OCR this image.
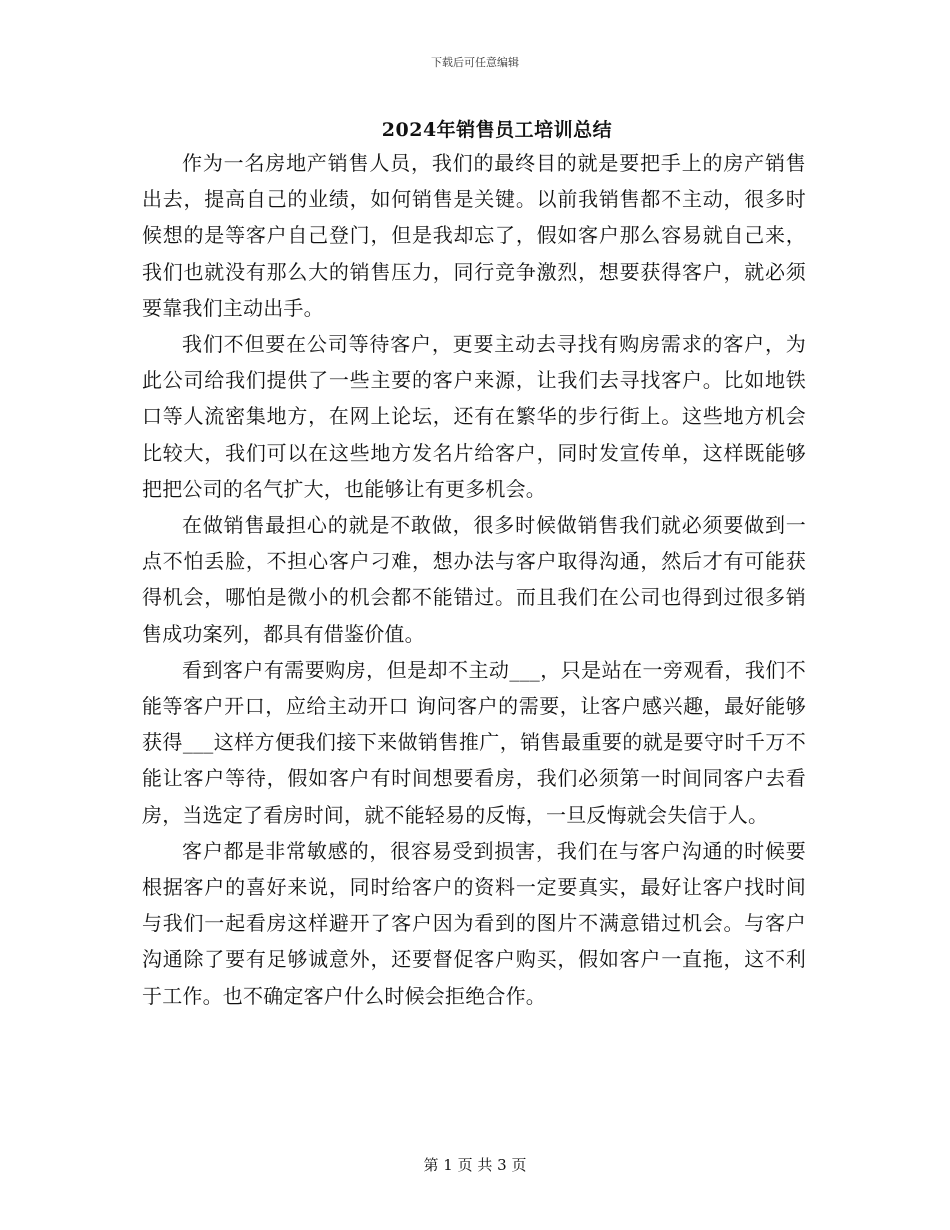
下载后可任意编辑
2024年销售员工培训总结

作为一名房地产销售人员，我们的最终目的就是要把手上的房产销售出去，提高自己的业绩，如何销售是关键。以前我销售都不主动，很多时候想的是等客户自己登门，但是我却忘了，假如客户那么容易就自己来，我们也就没有那么大的销售压力，同行竞争激烈，想要获得客户，就必须要靠我们主动出手。

我们不但要在公司等待客户，更要主动去寻找有购房需求的客户，为此公司给我们提供了一些主要的客户来源，让我们去寻找客户。比如地铁口等人流密集地方，在网上论坛，还有在繁华的步行街上。这些地方机会比较大，我们可以在这些地方发名片给客户，同时发宣传单，这样既能够把把公司的名气扩大，也能够让有更多机会。

在做销售最担心的就是不敢做，很多时候做销售我们就必须要做到一点不怕丢脸，不担心客户刁难，想办法与客户取得沟通，然后才有可能获得机会，哪怕是微小的机会都不能错过。而且我们在公司也得到过很多销售成功案列，都具有借鉴价值。

看到客户有需要购房，但是却不主动___，只是站在一旁观看，我们不能等客户开口，应给主动开口 询问客户的需要，让客户感兴趣，最好能够获得___这样方便我们接下来做销售推广，销售最重要的就是要守时千万不能让客户等待，假如客户有时间想要看房，我们必须第一时间同客户去看房，当选定了看房时间，就不能轻易的反悔，一旦反悔就会失信于人。

客户都是非常敏感的，很容易受到损害，我们在与客户沟通的时候要根据客户的喜好来说，同时给客户的资料一定要真实，最好让客户找时间与我们一起看房这样避开了客户因为看到的图片不满意错过机会。与客户沟通除了要有足够诚意外，还要督促客户购买，假如客户一直拖，这不利于工作。也不确定客户什么时候会拒绝合作。

第 1 页 共 3 页
